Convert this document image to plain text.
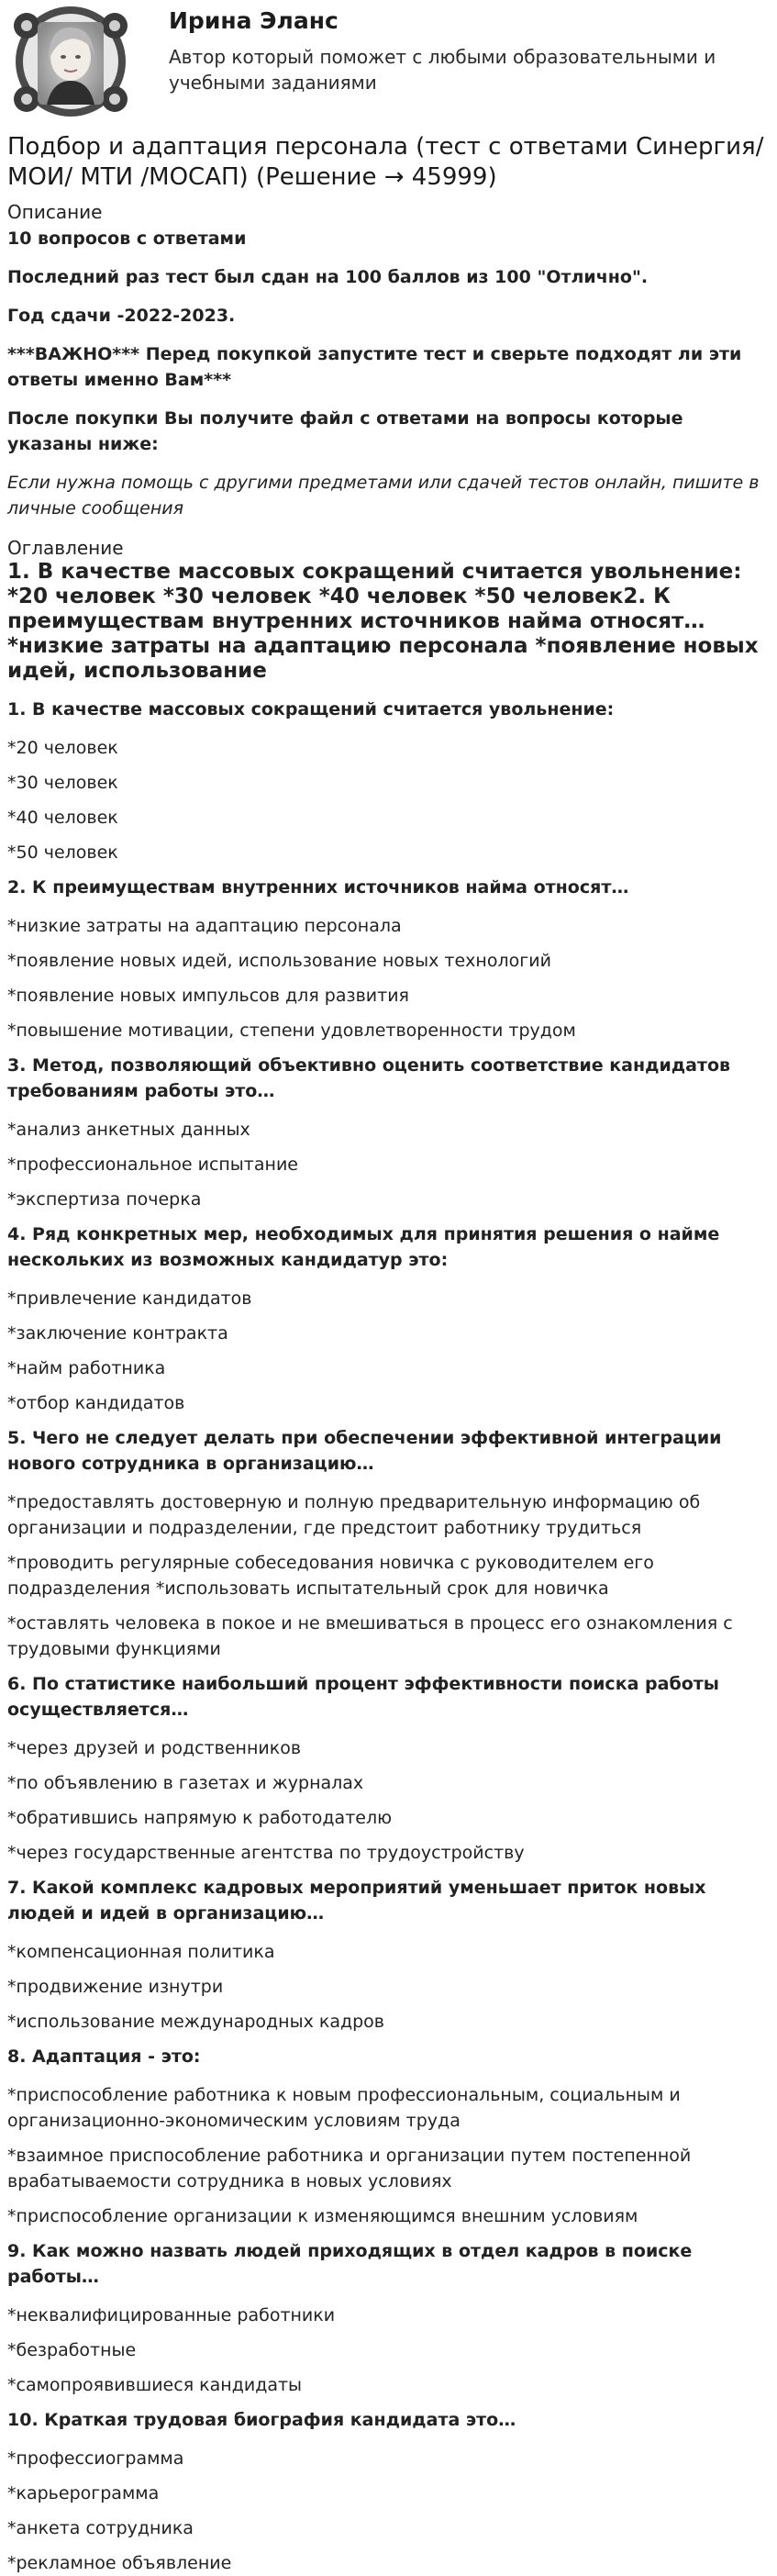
Ирина Эланс
Автор который поможет с любыми образовательными и учебными заданиями
Подбор и адаптация персонала (тест с ответами Синергия/МОИ/ МТИ /МОСАП) (Решение → 45999)

Описание

10 вопросов с ответами

Последний раз тест был сдан на 100 баллов из 100 "Отлично".

Год сдачи -2022-2023.

***ВАЖНО*** Перед покупкой запустите тест и сверьте подходят ли эти ответы именно Вам***

После покупки Вы получите файл с ответами на вопросы которые указаны ниже:

Если нужна помощь с другими предметами или сдачей тестов онлайн, пишите в личные сообщения

Оглавление

1. В качестве массовых сокращений считается увольнение: *20 человек *30 человек *40 человек *50 человек2. К преимуществам внутренних источников найма относят… *низкие затраты на адаптацию персонала *появление новых идей, использование

1. В качестве массовых сокращений считается увольнение:

*20 человек

*30 человек

*40 человек

*50 человек

2. К преимуществам внутренних источников найма относят…

*низкие затраты на адаптацию персонала

*появление новых идей, использование новых технологий

*появление новых импульсов для развития

*повышение мотивации, степени удовлетворенности трудом

3. Метод, позволяющий объективно оценить соответствие кандидатов требованиям работы это…

*анализ анкетных данных

*профессиональное испытание

*экспертиза почерка

4. Ряд конкретных мер, необходимых для принятия решения о найме нескольких из возможных кандидатур это:

*привлечение кандидатов

*заключение контракта

*найм работника

*отбор кандидатов

5. Чего не следует делать при обеспечении эффективной интеграции нового сотрудника в организацию…

*предоставлять достоверную и полную предварительную информацию об организации и подразделении, где предстоит работнику трудиться

*проводить регулярные собеседования новичка с руководителем его подразделения *использовать испытательный срок для новичка

*оставлять человека в покое и не вмешиваться в процесс его ознакомления с трудовыми функциями

6. По статистике наибольший процент эффективности поиска работы осуществляется…

*через друзей и родственников

*по объявлению в газетах и журналах

*обратившись напрямую к работодателю

*через государственные агентства по трудоустройству

7. Какой комплекс кадровых мероприятий уменьшает приток новых людей и идей в организацию…

*компенсационная политика

*продвижение изнутри

*использование международных кадров

8. Адаптация - это:

*приспособление работника к новым профессиональным, социальным и организационно-экономическим условиям труда

*взаимное приспособление работника и организации путем постепенной врабатываемости сотрудника в новых условиях

*приспособление организации к изменяющимся внешним условиям

9. Как можно назвать людей приходящих в отдел кадров в поиске работы…

*неквалифицированные работники

*безработные

*самопроявившиеся кандидаты

10. Краткая трудовая биография кандидата это…

*профессиограмма

*карьерограмма

*анкета сотрудника

*рекламное объявление
